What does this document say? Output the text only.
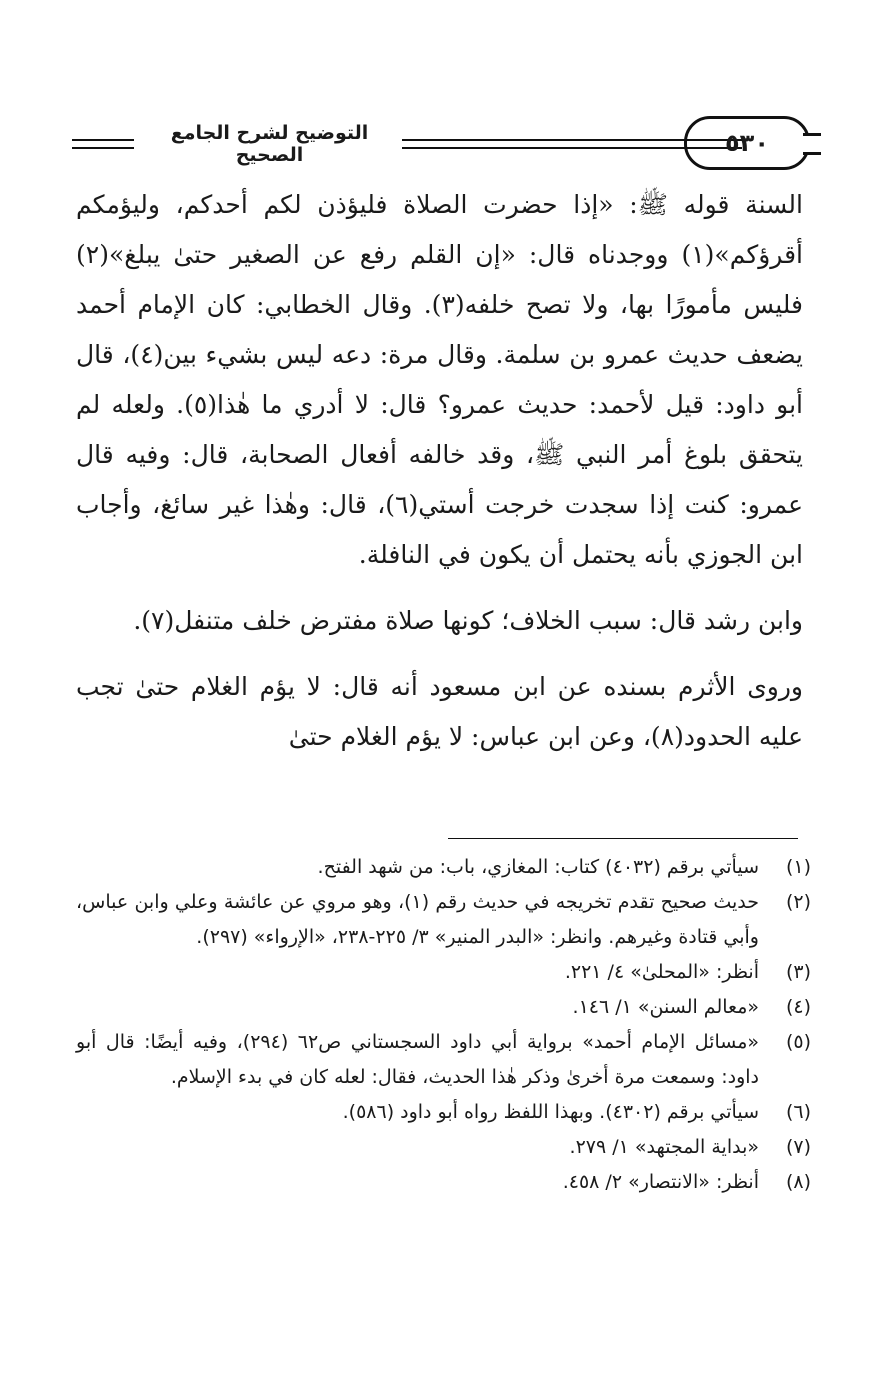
التوضيح لشرح الجامع الصحيح	٥٣٠

السنة قوله ﷺ: «إذا حضرت الصلاة فليؤذن لكم أحدكم، وليؤمكم أقرؤكم»(١) ووجدناه قال: «إن القلم رفع عن الصغير حتىٰ يبلغ»(٢) فليس مأمورًا بها، ولا تصح خلفه(٣). وقال الخطابي: كان الإمام أحمد يضعف حديث عمرو بن سلمة. وقال مرة: دعه ليس بشيء بين(٤)، قال أبو داود: قيل لأحمد: حديث عمرو؟ قال: لا أدري ما هٰذا(٥). ولعله لم يتحقق بلوغ أمر النبي ﷺ، وقد خالفه أفعال الصحابة، قال: وفيه قال عمرو: كنت إذا سجدت خرجت أستي(٦)، قال: وهٰذا غير سائغ، وأجاب ابن الجوزي بأنه يحتمل أن يكون في النافلة.

وابن رشد قال: سبب الخلاف؛ كونها صلاة مفترض خلف متنفل(٧).

وروى الأثرم بسنده عن ابن مسعود أنه قال: لا يؤم الغلام حتىٰ تجب عليه الحدود(٨)، وعن ابن عباس: لا يؤم الغلام حتىٰ

(١)
سيأتي برقم (٤٠٣٢) كتاب: المغازي، باب: من شهد الفتح.
(٢)
حديث صحيح تقدم تخريجه في حديث رقم (١)، وهو مروي عن عائشة وعلي وابن عباس، وأبي قتادة وغيرهم. وانظر: «البدر المنير» ٣/ ٢٢٥-٢٣٨، «الإرواء» (٢٩٧).
(٣)
أنظر: «المحلىٰ» ٤/ ٢٢١.
(٤)
«معالم السنن» ١/ ١٤٦.
(٥)
«مسائل الإمام أحمد» برواية أبي داود السجستاني ص٦٢ (٢٩٤)، وفيه أيضًا: قال أبو داود: وسمعت مرة أخرىٰ وذكر هٰذا الحديث، فقال: لعله كان في بدء الإسلام.
(٦)
سيأتي برقم (٤٣٠٢). وبهذا اللفظ رواه أبو داود (٥٨٦).
(٧)
«بداية المجتهد» ١/ ٢٧٩.
(٨)
أنظر: «الانتصار» ٢/ ٤٥٨.
